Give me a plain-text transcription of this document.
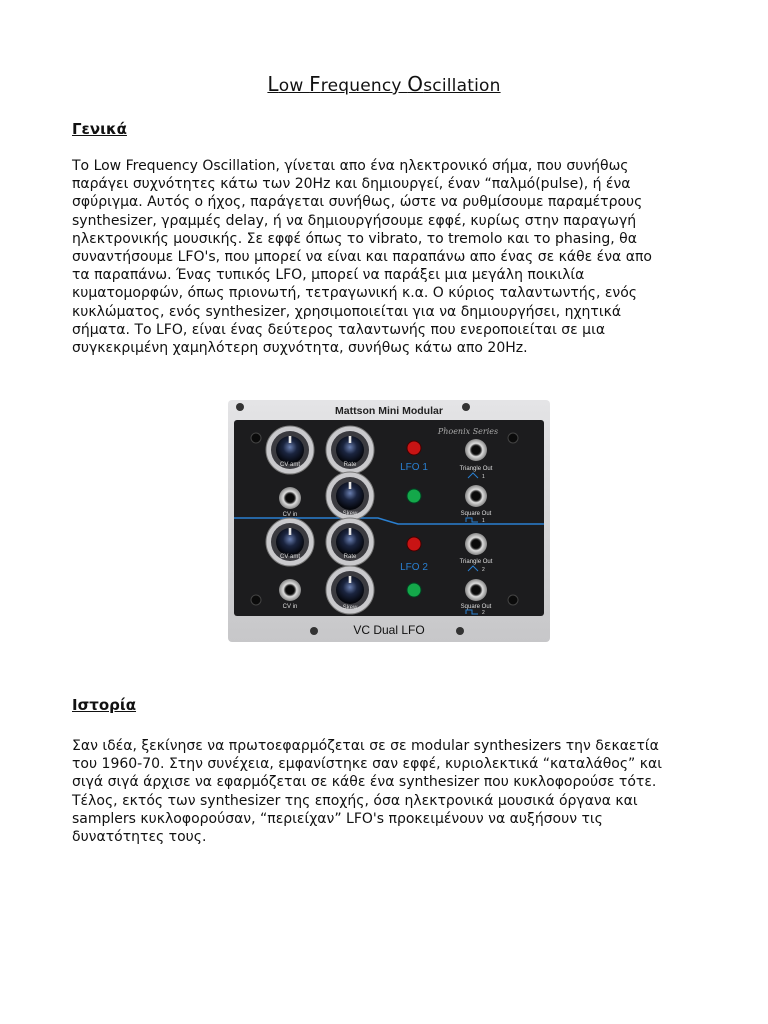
Low Frequency Oscillation
Γενικά
Το Low Frequency Oscillation, γίνεται απο ένα ηλεκτρονικό σήμα, που συνήθως
παράγει συχνότητες κάτω των 20Hz και δημιουργεί, έναν “παλμό(pulse), ή ένα
σφύριγμα. Αυτός ο ήχος, παράγεται συνήθως, ώστε να ρυθμίσουμε παραμέτρους
synthesizer, γραμμές delay, ή να δημιουργήσουμε εφφέ, κυρίως στην παραγωγή
ηλεκτρονικής μουσικής. Σε εφφέ όπως το vibrato, το tremolo και το phasing, θα
συναντήσουμε LFO's, που μπορεί να είναι και παραπάνω απο ένας σε κάθε ένα απο
τα παραπάνω. Ένας τυπικός LFO, μπορεί να παράξει μια μεγάλη ποικιλία
κυματομορφών, όπως πριονωτή, τετραγωνική κ.α. Ο κύριος ταλαντωντής, ενός
κυκλώματος, ενός synthesizer, χρησιμοποιείται για να δημιουργήσει, ηχητικά
σήματα. Το LFO, είναι ένας δεύτερος ταλαντωνής που ενεροποιείται σε μια
συγκεκριμένη χαμηλότερη συχνότητα, συνήθως κάτω απο 20Hz.
Mattson Mini Modular
VC Dual LFO
Phoenix Series
CV amt	Rate
CV in	Skew
LFO 1	Triangle Out
1
Square Out
1
CV amt	Rate
CV in	Skew
LFO 2	Triangle Out
2
Square Out
2
Ιστορία
Σαν ιδέα, ξεκίνησε να πρωτοεφαρμόζεται σε σε modular synthesizers την δεκαετία
του 1960-70. Στην συνέχεια, εμφανίστηκε σαν εφφέ, κυριολεκτικά “καταλάθος” και
σιγά σιγά άρχισε να εφαρμόζεται σε κάθε ένα synthesizer που κυκλοφορούσε τότε.
Τέλος, εκτός των synthesizer της εποχής, όσα ηλεκτρονικά μουσικά όργανα και
samplers κυκλοφορούσαν, “περιείχαν” LFO's προκειμένουν να αυξήσουν τις
δυνατότητες τους.
